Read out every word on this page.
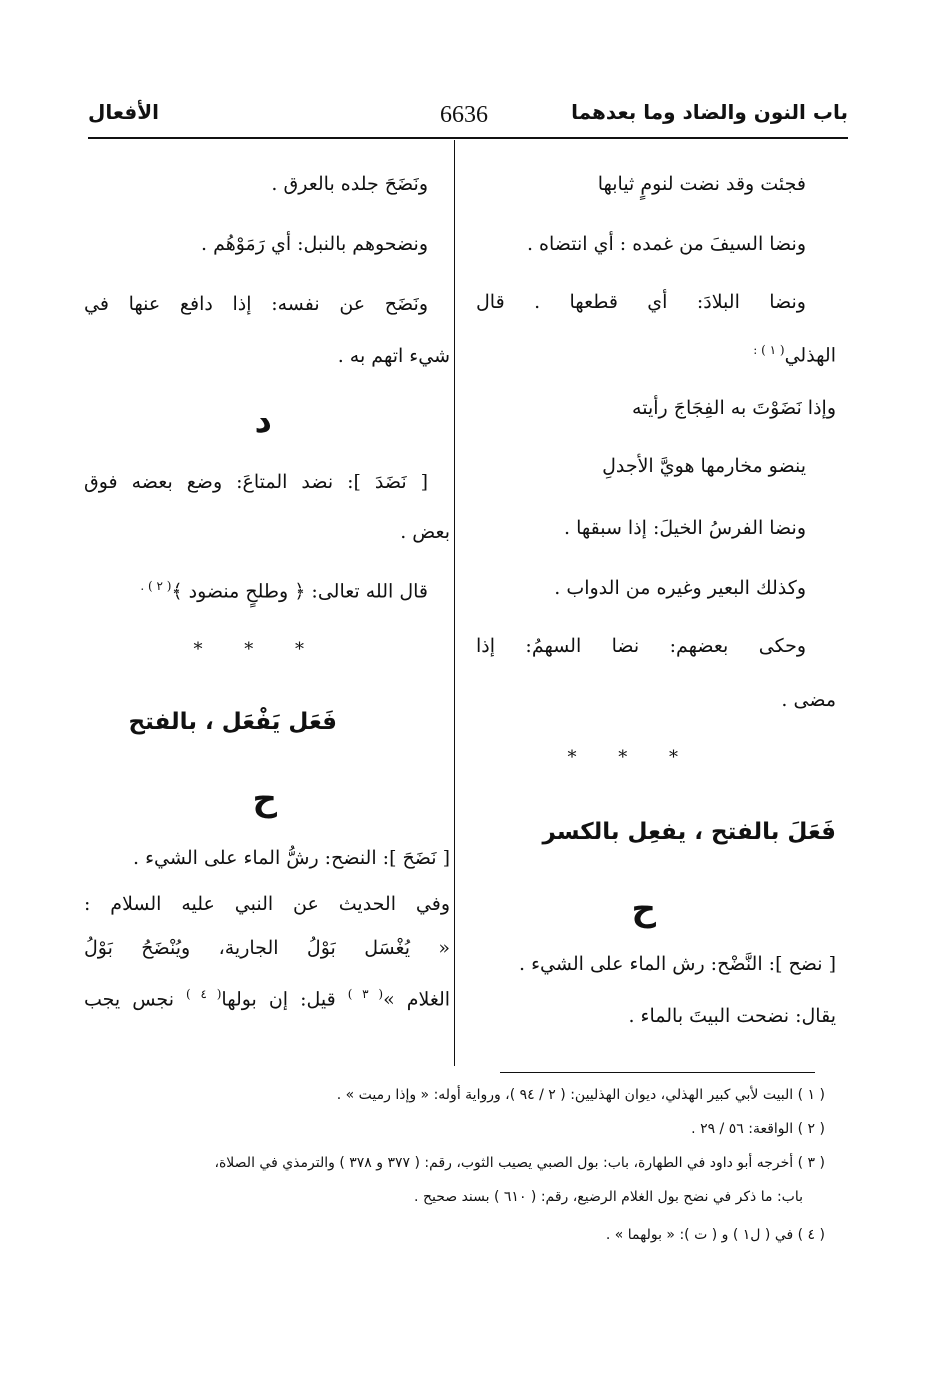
باب النون والضاد وما بعدهما
6636
الأفعال
فجئت وقد نضت لنومٍ ثيابها
ونضا السيفَ من غمده : أي انتضاه .
ونضا البلادَ: أي قطعها . قال
الهذلي$^{( ١ ) :}$
وإذا نَضَوْتَ به الفِجَاجَ رأيته
ينضو مخارمها هويَّ الأجدلِ
ونضا الفرسُ الخيلَ: إذا سبقها .
وكذلك البعير وغيره من الدواب .
وحكى بعضهم: نضا السهمُ: إذا
مضى .
* * *
فَعَلَ بالفتح ، يفعِل بالكسر
ح
[ نضح ]: النَّضْح: رش الماء على الشيء .
يقال: نضحت البيتَ بالماء .
ونَضَحَ جلده بالعرق .
ونضحوهم بالنبل: أي رَمَوْهُم .
ونَضَح عن نفسه: إذا دافع عنها في
شيء اتهم به .
د
[ نَضَدَ ]: نضد المتاعَ: وضع بعضه فوق
بعض .
قال الله تعالى: ﴿ وطلحٍ منضود ﴾$^{( ٢ ) .}$
* * *
فَعَل يَفْعَل ، بالفتح
ح
[ نَضَحَ ]: النضح: رشُّ الماء على الشيء .
وفي الحديث عن النبي عليه السلام :
« يُغْسَل بَوْلُ الجارية، ويُنْضَحُ بَوْلُ
الغلام »$^{( ٣ )}$ قيل: إن بولها$^{( ٤ )}$ نجس يجب
( ١ ) البيت لأبي كبير الهذلي، ديوان الهذليين: ( ٢ / ٩٤ )، ورواية أوله: « وإذا رميت » .
( ٢ ) الواقعة: ٥٦ / ٢٩ .
( ٣ ) أخرجه أبو داود في الطهارة، باب: بول الصبي يصيب الثوب، رقم: ( ٣٧٧ و ٣٧٨ ) والترمذي في الصلاة،
باب: ما ذكر في نضح بول الغلام الرضيع، رقم: ( ٦١٠ ) بسند صحيح .
( ٤ ) في ( ل١ ) و ( ت ): « بولهما » .
